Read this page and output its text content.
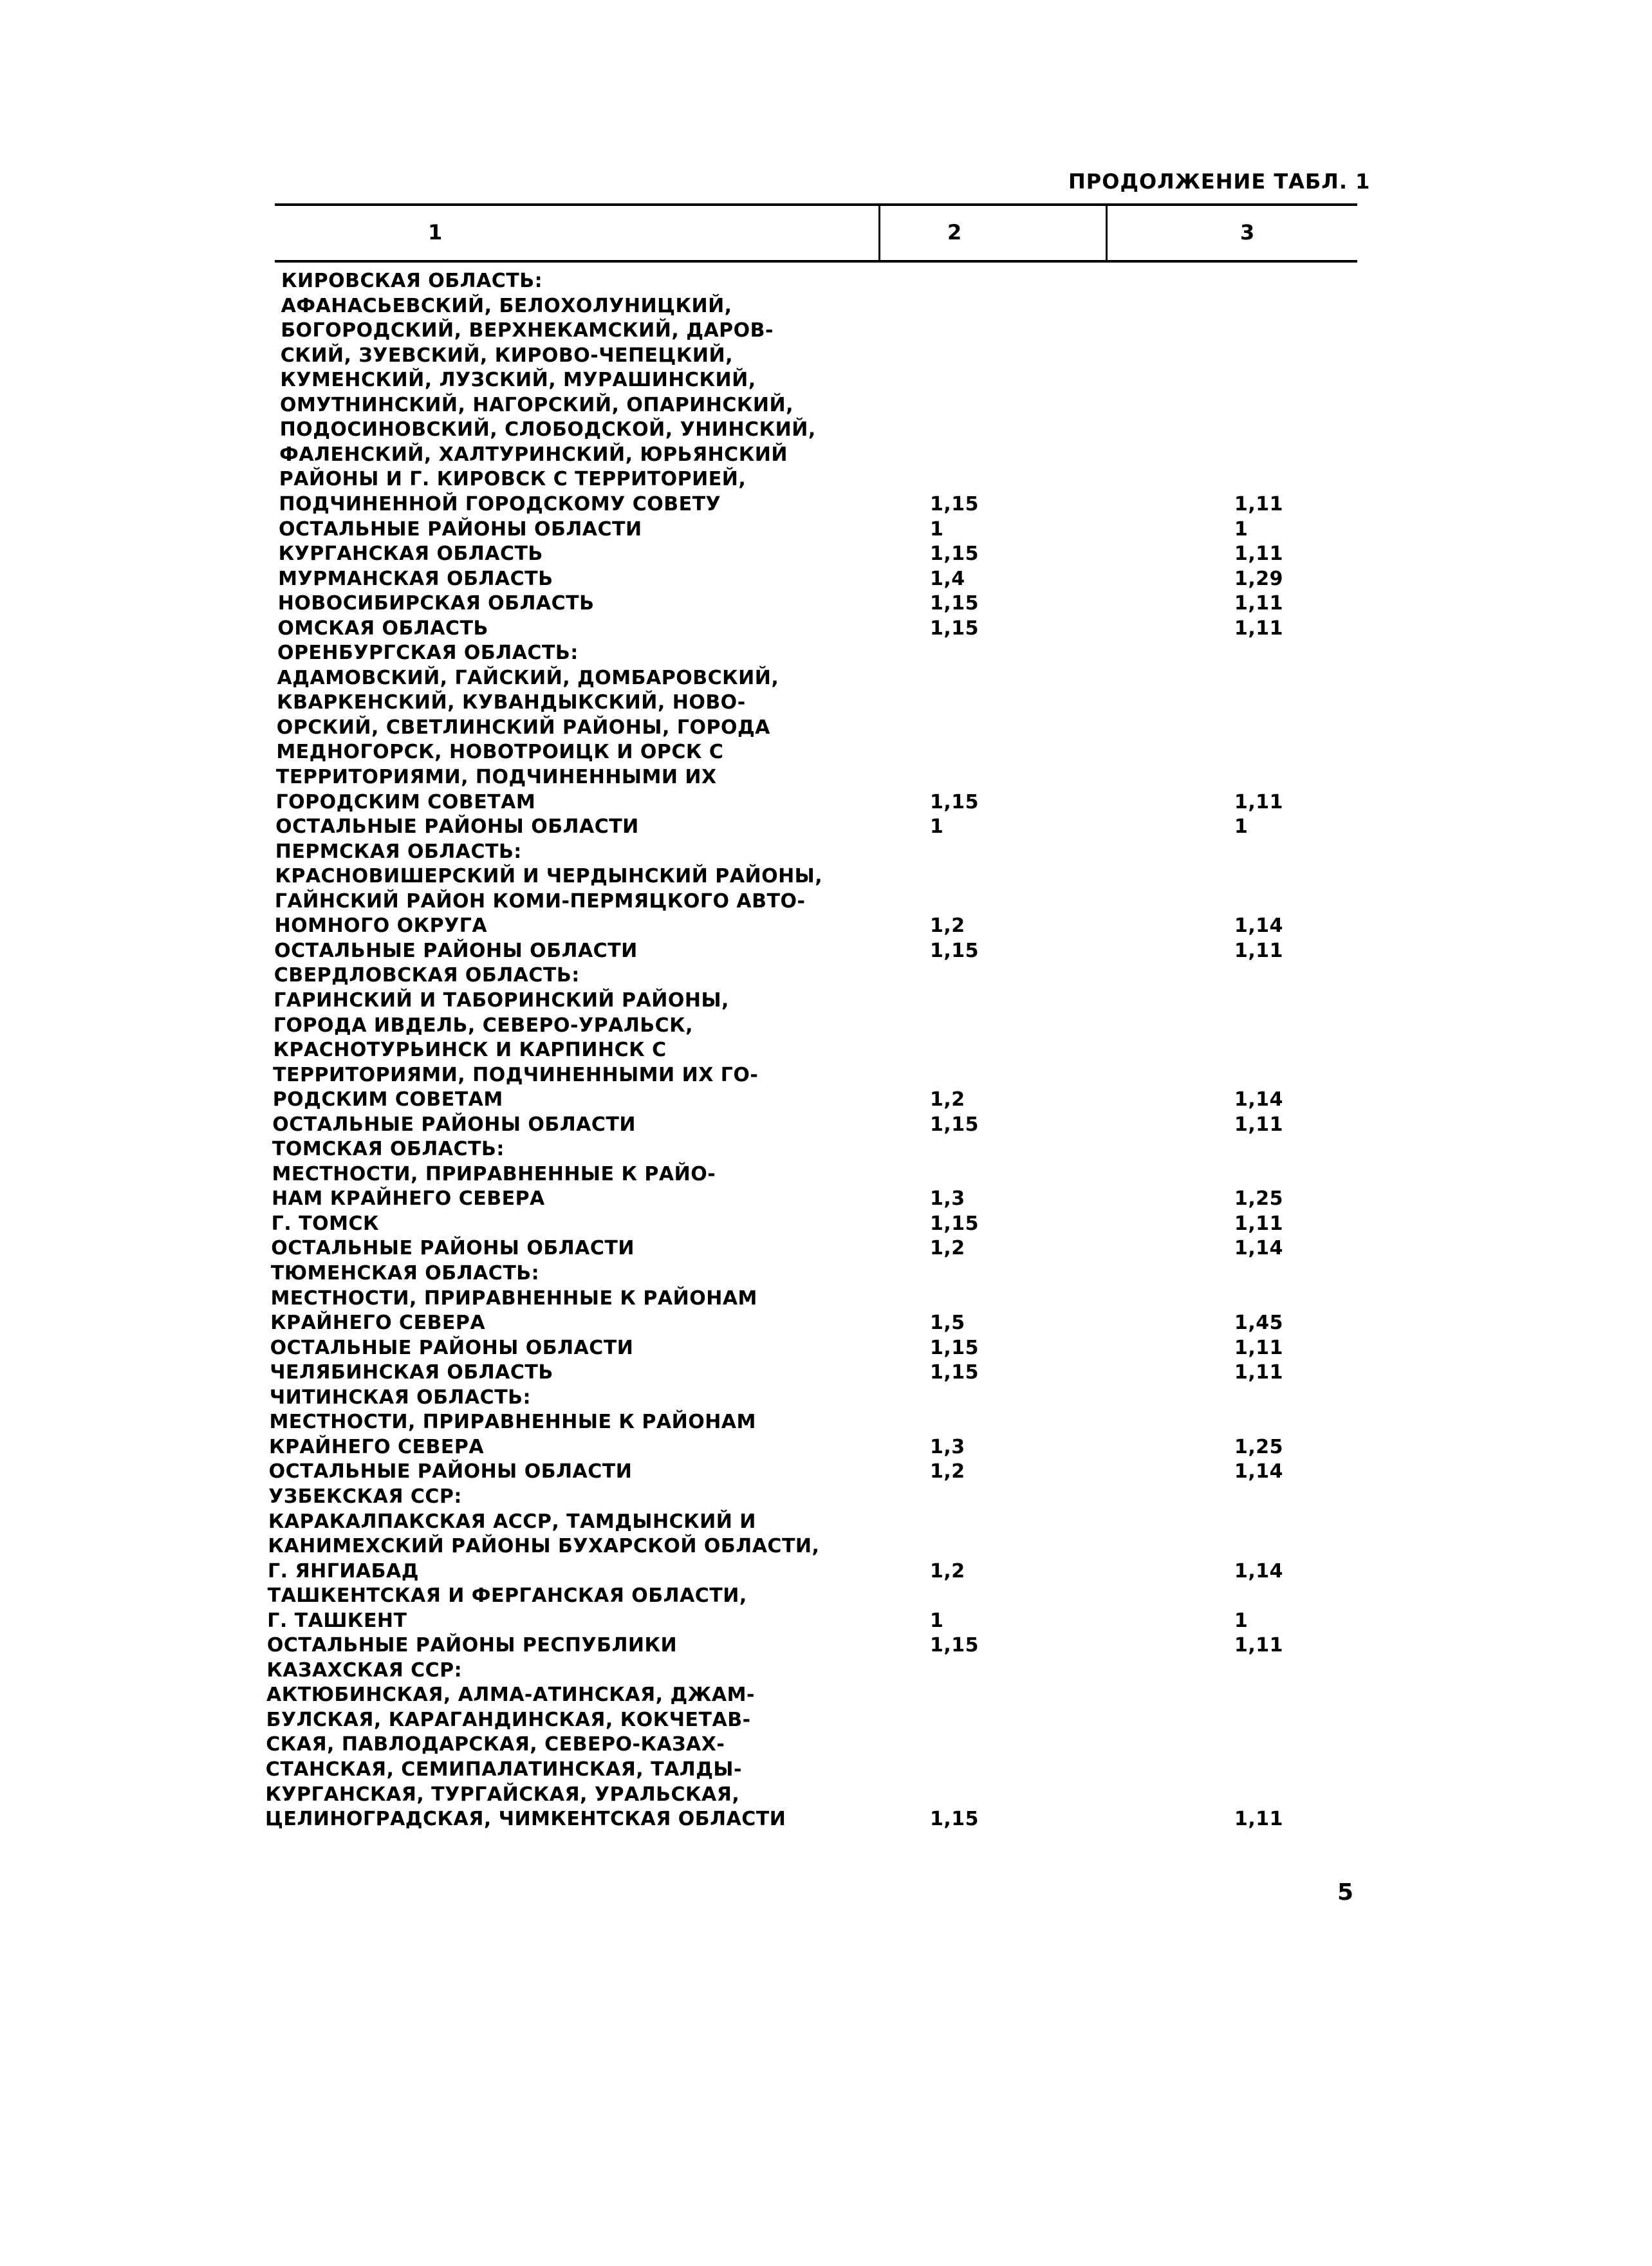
ПРОДОЛЖЕНИЕ ТАБЛ. 1
1	2	3
КИРОВСКАЯ ОБЛАСТЬ:
АФАНАСЬЕВСКИЙ, БЕЛОХОЛУНИЦКИЙ,
БОГОРОДСКИЙ, ВЕРХНЕКАМСКИЙ, ДАРОВ-
СКИЙ, ЗУЕВСКИЙ, КИРОВО-ЧЕПЕЦКИЙ,
КУМЕНСКИЙ, ЛУЗСКИЙ, МУРАШИНСКИЙ,
ОМУТНИНСКИЙ, НАГОРСКИЙ, ОПАРИНСКИЙ,
ПОДОСИНОВСКИЙ, СЛОБОДСКОЙ, УНИНСКИЙ,
ФАЛЕНСКИЙ, ХАЛТУРИНСКИЙ, ЮРЬЯНСКИЙ
РАЙОНЫ И Г. КИРОВСК С ТЕРРИТОРИЕЙ,
ПОДЧИНЕННОЙ ГОРОДСКОМУ СОВЕТУ	1,15	1,11
ОСТАЛЬНЫЕ РАЙОНЫ ОБЛАСТИ	1	1
КУРГАНСКАЯ ОБЛАСТЬ	1,15	1,11
МУРМАНСКАЯ ОБЛАСТЬ	1,4	1,29
НОВОСИБИРСКАЯ ОБЛАСТЬ	1,15	1,11
ОМСКАЯ ОБЛАСТЬ	1,15	1,11
ОРЕНБУРГСКАЯ ОБЛАСТЬ:
АДАМОВСКИЙ, ГАЙСКИЙ, ДОМБАРОВСКИЙ,
КВАРКЕНСКИЙ, КУВАНДЫКСКИЙ, НОВО-
ОРСКИЙ, СВЕТЛИНСКИЙ РАЙОНЫ, ГОРОДА
МЕДНОГОРСК, НОВОТРОИЦК И ОРСК С
ТЕРРИТОРИЯМИ, ПОДЧИНЕННЫМИ ИХ
ГОРОДСКИМ СОВЕТАМ	1,15	1,11
ОСТАЛЬНЫЕ РАЙОНЫ ОБЛАСТИ	1	1
ПЕРМСКАЯ ОБЛАСТЬ:
КРАСНОВИШЕРСКИЙ И ЧЕРДЫНСКИЙ РАЙОНЫ,
ГАЙНСКИЙ РАЙОН КОМИ-ПЕРМЯЦКОГО АВТО-
НОМНОГО ОКРУГА	1,2	1,14
ОСТАЛЬНЫЕ РАЙОНЫ ОБЛАСТИ	1,15	1,11
СВЕРДЛОВСКАЯ ОБЛАСТЬ:
ГАРИНСКИЙ И ТАБОРИНСКИЙ РАЙОНЫ,
ГОРОДА ИВДЕЛЬ, СЕВЕРО-УРАЛЬСК,
КРАСНОТУРЬИНСК И КАРПИНСК С
ТЕРРИТОРИЯМИ, ПОДЧИНЕННЫМИ ИХ ГО-
РОДСКИМ СОВЕТАМ	1,2	1,14
ОСТАЛЬНЫЕ РАЙОНЫ ОБЛАСТИ	1,15	1,11
ТОМСКАЯ ОБЛАСТЬ:
МЕСТНОСТИ, ПРИРАВНЕННЫЕ К РАЙО-
НАМ КРАЙНЕГО СЕВЕРА	1,3	1,25
Г. ТОМСК	1,15	1,11
ОСТАЛЬНЫЕ РАЙОНЫ ОБЛАСТИ	1,2	1,14
ТЮМЕНСКАЯ ОБЛАСТЬ:
МЕСТНОСТИ, ПРИРАВНЕННЫЕ К РАЙОНАМ
КРАЙНЕГО СЕВЕРА	1,5	1,45
ОСТАЛЬНЫЕ РАЙОНЫ ОБЛАСТИ	1,15	1,11
ЧЕЛЯБИНСКАЯ ОБЛАСТЬ	1,15	1,11
ЧИТИНСКАЯ ОБЛАСТЬ:
МЕСТНОСТИ, ПРИРАВНЕННЫЕ К РАЙОНАМ
КРАЙНЕГО СЕВЕРА	1,3	1,25
ОСТАЛЬНЫЕ РАЙОНЫ ОБЛАСТИ	1,2	1,14
УЗБЕКСКАЯ ССР:
КАРАКАЛПАКСКАЯ АССР, ТАМДЫНСКИЙ И
КАНИМЕХСКИЙ РАЙОНЫ БУХАРСКОЙ ОБЛАСТИ,
Г. ЯНГИАБАД	1,2	1,14
ТАШКЕНТСКАЯ И ФЕРГАНСКАЯ ОБЛАСТИ,
Г. ТАШКЕНТ	1	1
ОСТАЛЬНЫЕ РАЙОНЫ РЕСПУБЛИКИ	1,15	1,11
КАЗАХСКАЯ ССР:
АКТЮБИНСКАЯ, АЛМА-АТИНСКАЯ, ДЖАМ-
БУЛСКАЯ, КАРАГАНДИНСКАЯ, КОКЧЕТАВ-
СКАЯ, ПАВЛОДАРСКАЯ, СЕВЕРО-КАЗАХ-
СТАНСКАЯ, СЕМИПАЛАТИНСКАЯ, ТАЛДЫ-
КУРГАНСКАЯ, ТУРГАЙСКАЯ, УРАЛЬСКАЯ,
ЦЕЛИНОГРАДСКАЯ, ЧИМКЕНТСКАЯ ОБЛАСТИ	1,15	1,11
5
